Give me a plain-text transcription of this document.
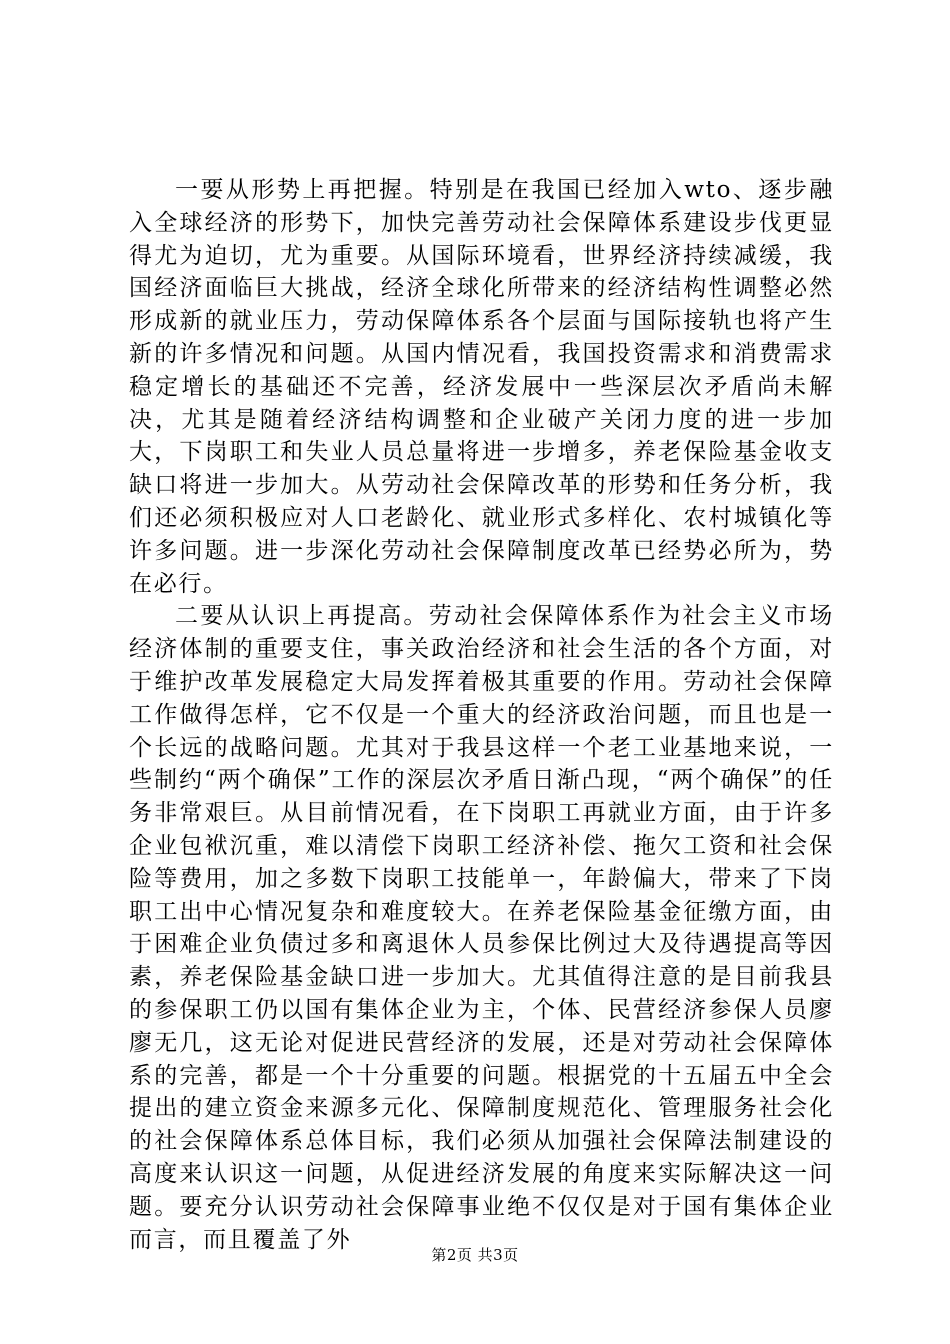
一要从形势上再把握。特别是在我国已经加入wto、逐步融入全球经济的形势下，加快完善劳动社会保障体系建设步伐更显得尤为迫切，尤为重要。从国际环境看，世界经济持续减缓，我国经济面临巨大挑战，经济全球化所带来的经济结构性调整必然形成新的就业压力，劳动保障体系各个层面与国际接轨也将产生新的许多情况和问题。从国内情况看，我国投资需求和消费需求稳定增长的基础还不完善，经济发展中一些深层次矛盾尚未解决，尤其是随着经济结构调整和企业破产关闭力度的进一步加大，下岗职工和失业人员总量将进一步增多，养老保险基金收支缺口将进一步加大。从劳动社会保障改革的形势和任务分析，我们还必须积极应对人口老龄化、就业形式多样化、农村城镇化等许多问题。进一步深化劳动社会保障制度改革已经势必所为，势在必行。

二要从认识上再提高。劳动社会保障体系作为社会主义市场经济体制的重要支住，事关政治经济和社会生活的各个方面，对于维护改革发展稳定大局发挥着极其重要的作用。劳动社会保障工作做得怎样，它不仅是一个重大的经济政治问题，而且也是一个长远的战略问题。尤其对于我县这样一个老工业基地来说，一些制约“两个确保”工作的深层次矛盾日渐凸现，“两个确保”的任务非常艰巨。从目前情况看，在下岗职工再就业方面，由于许多企业包袱沉重，难以清偿下岗职工经济补偿、拖欠工资和社会保险等费用，加之多数下岗职工技能单一，年龄偏大，带来了下岗职工出中心情况复杂和难度较大。在养老保险基金征缴方面，由于困难企业负债过多和离退休人员参保比例过大及待遇提高等因素，养老保险基金缺口进一步加大。尤其值得注意的是目前我县的参保职工仍以国有集体企业为主，个体、民营经济参保人员廖廖无几，这无论对促进民营经济的发展，还是对劳动社会保障体系的完善，都是一个十分重要的问题。根据党的十五届五中全会提出的建立资金来源多元化、保障制度规范化、管理服务社会化的社会保障体系总体目标，我们必须从加强社会保障法制建设的高度来认识这一问题，从促进经济发展的角度来实际解决这一问题。要充分认识劳动社会保障事业绝不仅仅是对于国有集体企业而言，而且覆盖了外

第2页 共3页
